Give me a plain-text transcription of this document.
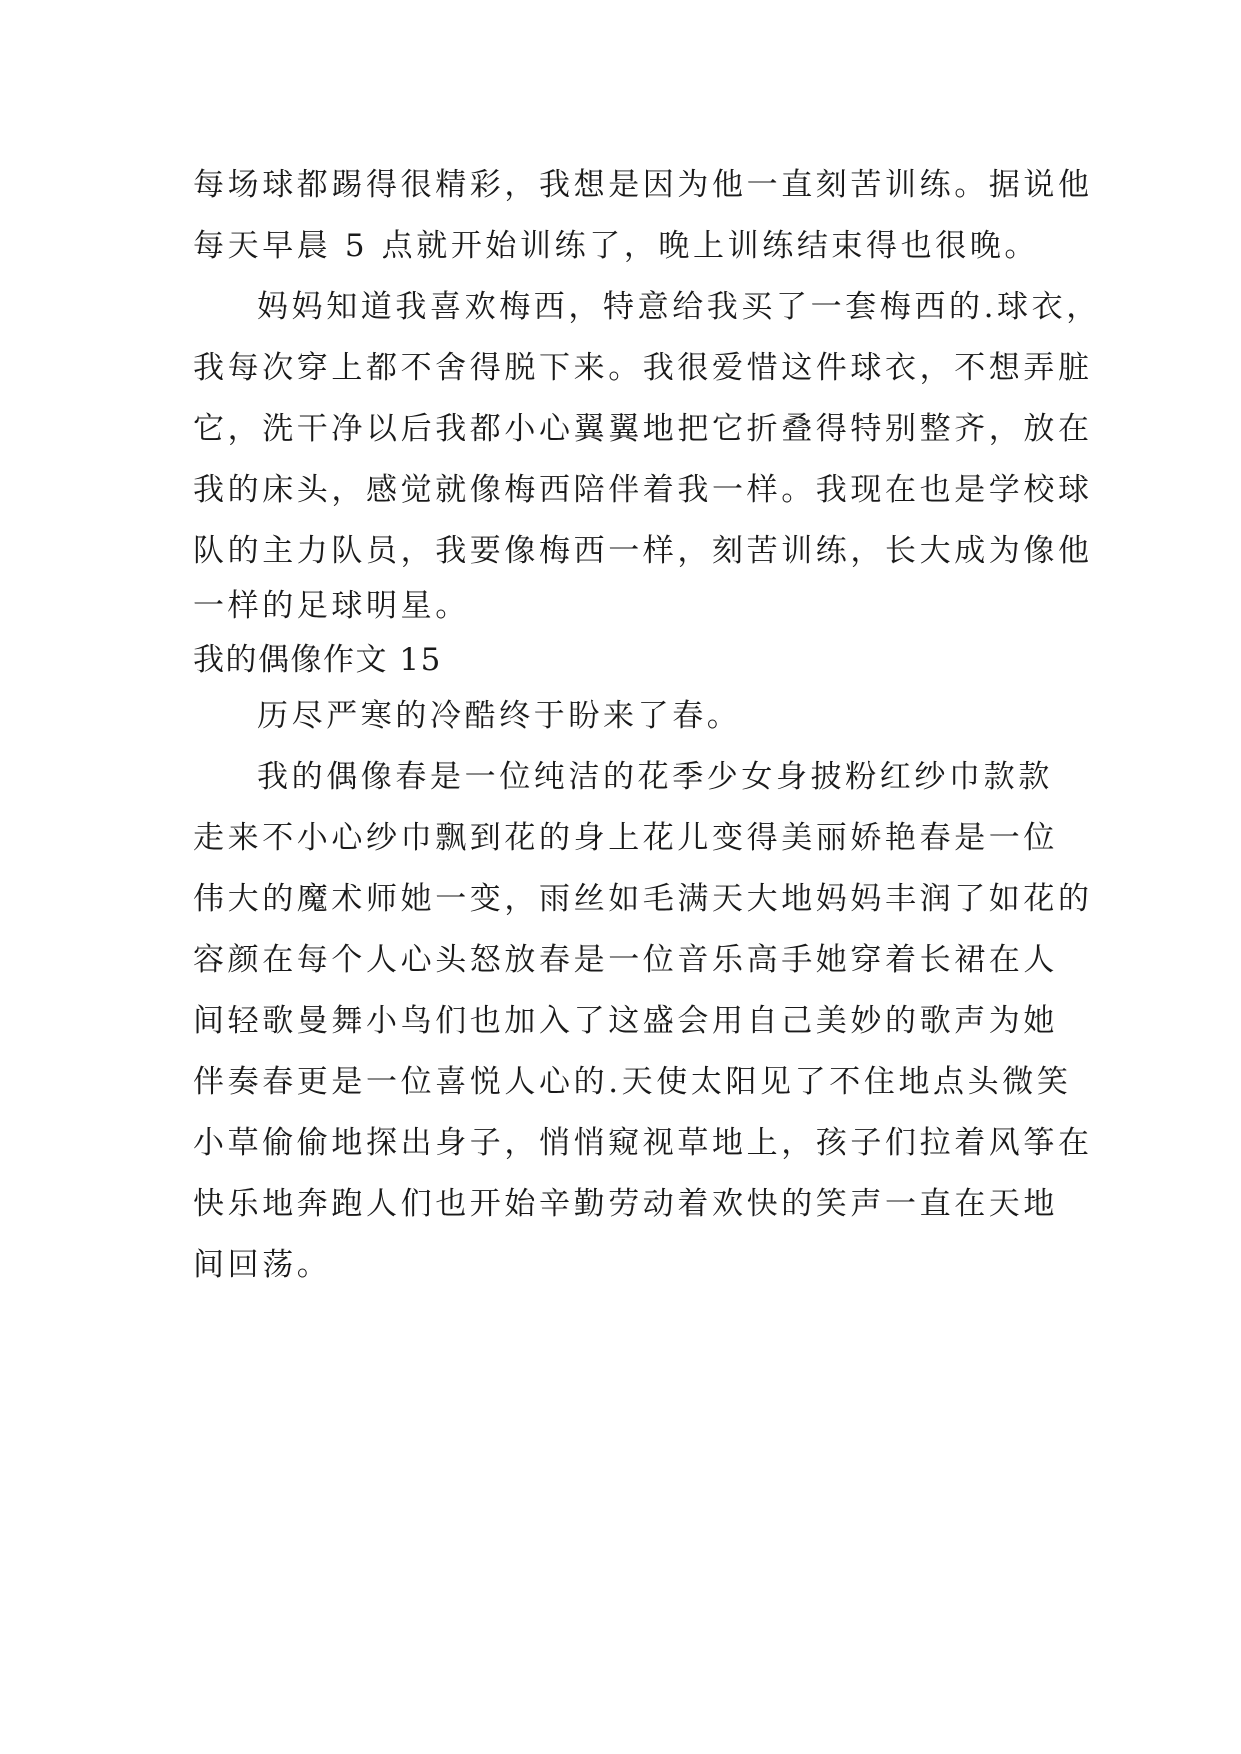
每场球都踢得很精彩，我想是因为他一直刻苦训练。据说他
每天早晨 5 点就开始训练了，晚上训练结束得也很晚。
妈妈知道我喜欢梅西，特意给我买了一套梅西的.球衣，
我每次穿上都不舍得脱下来。我很爱惜这件球衣，不想弄脏
它，洗干净以后我都小心翼翼地把它折叠得特别整齐，放在
我的床头，感觉就像梅西陪伴着我一样。我现在也是学校球
队的主力队员，我要像梅西一样，刻苦训练，长大成为像他
一样的足球明星。
我的偶像作文 15
历尽严寒的冷酷终于盼来了春。
我的偶像春是一位纯洁的花季少女身披粉红纱巾款款
走来不小心纱巾飘到花的身上花儿变得美丽娇艳春是一位
伟大的魔术师她一变，雨丝如毛满天大地妈妈丰润了如花的
容颜在每个人心头怒放春是一位音乐高手她穿着长裙在人
间轻歌曼舞小鸟们也加入了这盛会用自己美妙的歌声为她
伴奏春更是一位喜悦人心的.天使太阳见了不住地点头微笑
小草偷偷地探出身子，悄悄窥视草地上，孩子们拉着风筝在
快乐地奔跑人们也开始辛勤劳动着欢快的笑声一直在天地
间回荡。
